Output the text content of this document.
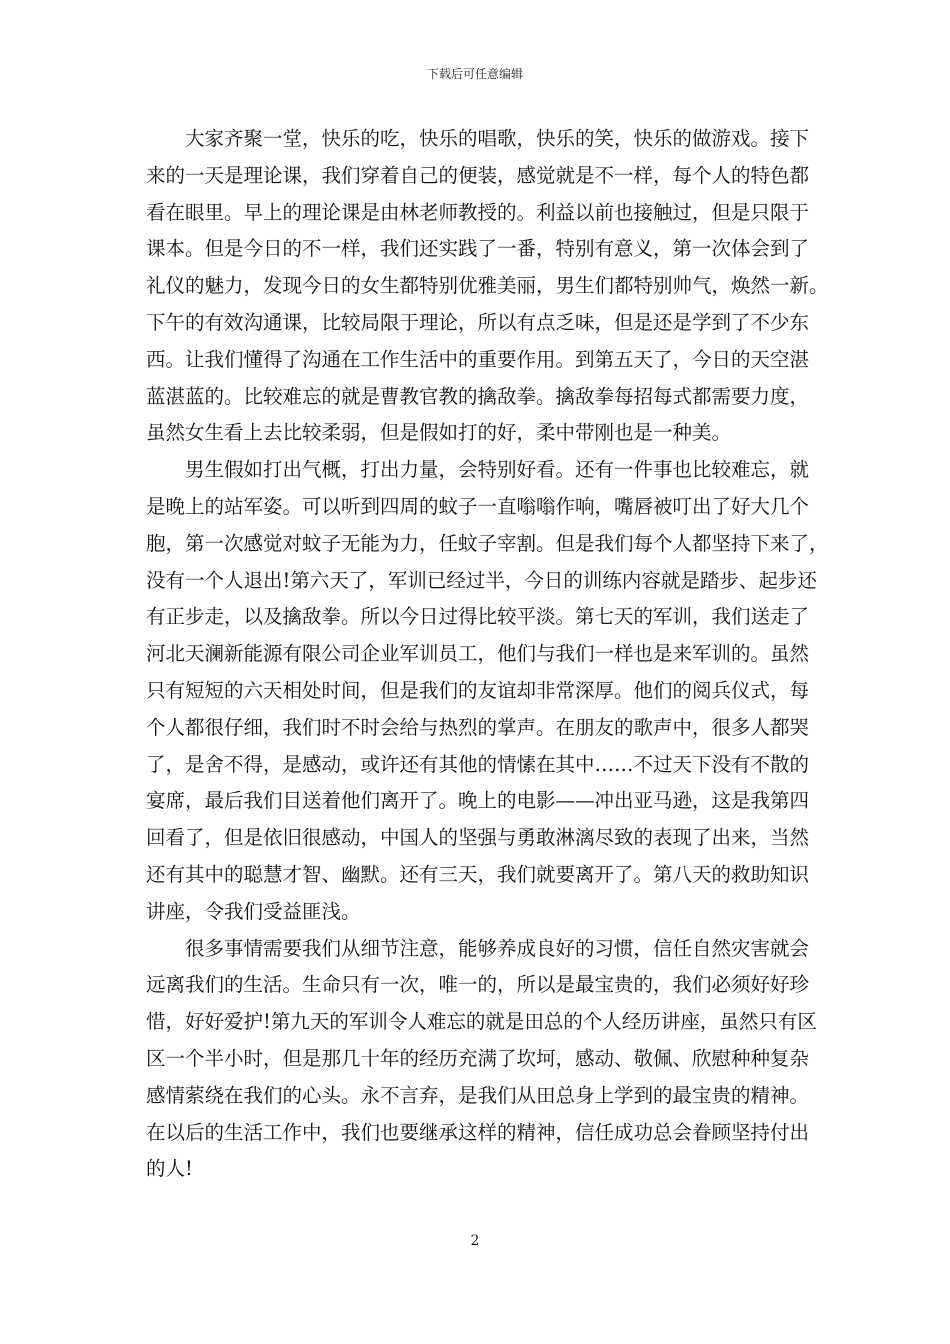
下载后可任意编辑
　　大家齐聚一堂，快乐的吃，快乐的唱歌，快乐的笑，快乐的做游戏。接下
来的一天是理论课，我们穿着自己的便装，感觉就是不一样，每个人的特色都
看在眼里。早上的理论课是由林老师教授的。利益以前也接触过，但是只限于
课本。但是今日的不一样，我们还实践了一番，特别有意义，第一次体会到了
礼仪的魅力，发现今日的女生都特别优雅美丽，男生们都特别帅气，焕然一新。
下午的有效沟通课，比较局限于理论，所以有点乏味，但是还是学到了不少东
西。让我们懂得了沟通在工作生活中的重要作用。到第五天了，今日的天空湛
蓝湛蓝的。比较难忘的就是曹教官教的擒敌拳。擒敌拳每招每式都需要力度，
虽然女生看上去比较柔弱，但是假如打的好，柔中带刚也是一种美。
　　男生假如打出气概，打出力量，会特别好看。还有一件事也比较难忘，就
是晚上的站军姿。可以听到四周的蚊子一直嗡嗡作响，嘴唇被叮出了好大几个
胞，第一次感觉对蚊子无能为力，任蚊子宰割。但是我们每个人都坚持下来了，
没有一个人退出!第六天了，军训已经过半，今日的训练内容就是踏步、起步还
有正步走，以及擒敌拳。所以今日过得比较平淡。第七天的军训，我们送走了
河北天澜新能源有限公司企业军训员工，他们与我们一样也是来军训的。虽然
只有短短的六天相处时间，但是我们的友谊却非常深厚。他们的阅兵仪式，每
个人都很仔细，我们时不时会给与热烈的掌声。在朋友的歌声中，很多人都哭
了，是舍不得，是感动，或许还有其他的情愫在其中……不过天下没有不散的
宴席，最后我们目送着他们离开了。晚上的电影——冲出亚马逊，这是我第四
回看了，但是依旧很感动，中国人的坚强与勇敢淋漓尽致的表现了出来，当然
还有其中的聪慧才智、幽默。还有三天，我们就要离开了。第八天的救助知识
讲座，令我们受益匪浅。
　　很多事情需要我们从细节注意，能够养成良好的习惯，信任自然灾害就会
远离我们的生活。生命只有一次，唯一的，所以是最宝贵的，我们必须好好珍
惜，好好爱护!第九天的军训令人难忘的就是田总的个人经历讲座，虽然只有区
区一个半小时，但是那几十年的经历充满了坎坷，感动、敬佩、欣慰种种复杂
感情萦绕在我们的心头。永不言弃，是我们从田总身上学到的最宝贵的精神。
在以后的生活工作中，我们也要继承这样的精神，信任成功总会眷顾坚持付出
的人!
2
